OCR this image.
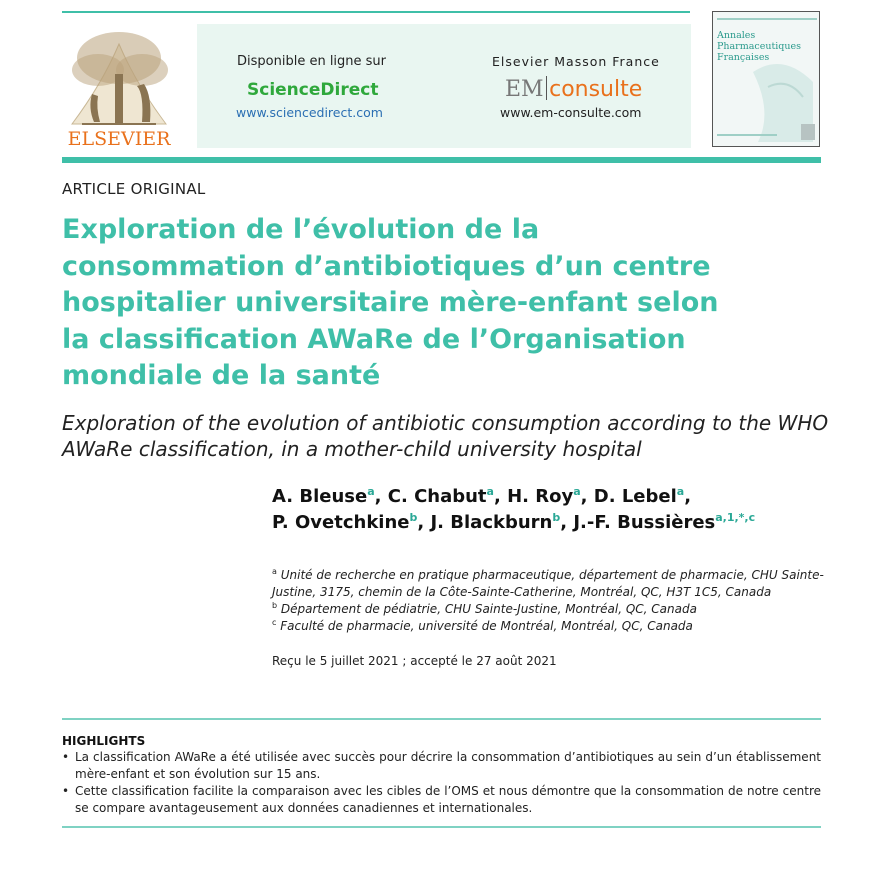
ELSEVIER
Disponible en ligne sur
ScienceDirect
www.sciencedirect.com
Elsevier Masson France
EM consulte
www.em-consulte.com
Annales Pharmaceutiques Françaises
ARTICLE ORIGINAL
Exploration de l’évolution de la consommation d’antibiotiques d’un centre hospitalier universitaire mère-enfant selon la classification AWaRe de l’Organisation mondiale de la santé

Exploration of the evolution of antibiotic consumption according to the WHO AWaRe classification, in a mother-child university hospital

A. Bleuse$^a$, C. Chabut$^a$, H. Roy$^a$, D. Lebel$^a$,
P. Ovetchkine$^b$, J. Blackburn$^b$, J.-F. Bussières$^{a,1,*,c}$
$^a$ Unité de recherche en pratique pharmaceutique, département de pharmacie, CHU Sainte-Justine, 3175, chemin de la Côte-Sainte-Catherine, Montréal, QC, H3T 1C5, Canada
$^b$ Département de pédiatrie, CHU Sainte-Justine, Montréal, QC, Canada
$^c$ Faculté de pharmacie, université de Montréal, Montréal, QC, Canada
Reçu le 5 juillet 2021 ; accepté le 27 août 2021
HIGHLIGHTS
• La classification AWaRe a été utilisée avec succès pour décrire la consommation d’antibiotiques au sein d’un établissement mère-enfant et son évolution sur 15 ans.
• Cette classification facilite la comparaison avec les cibles de l’OMS et nous démontre que la consommation de notre centre se compare avantageusement aux données canadiennes et internationales.
